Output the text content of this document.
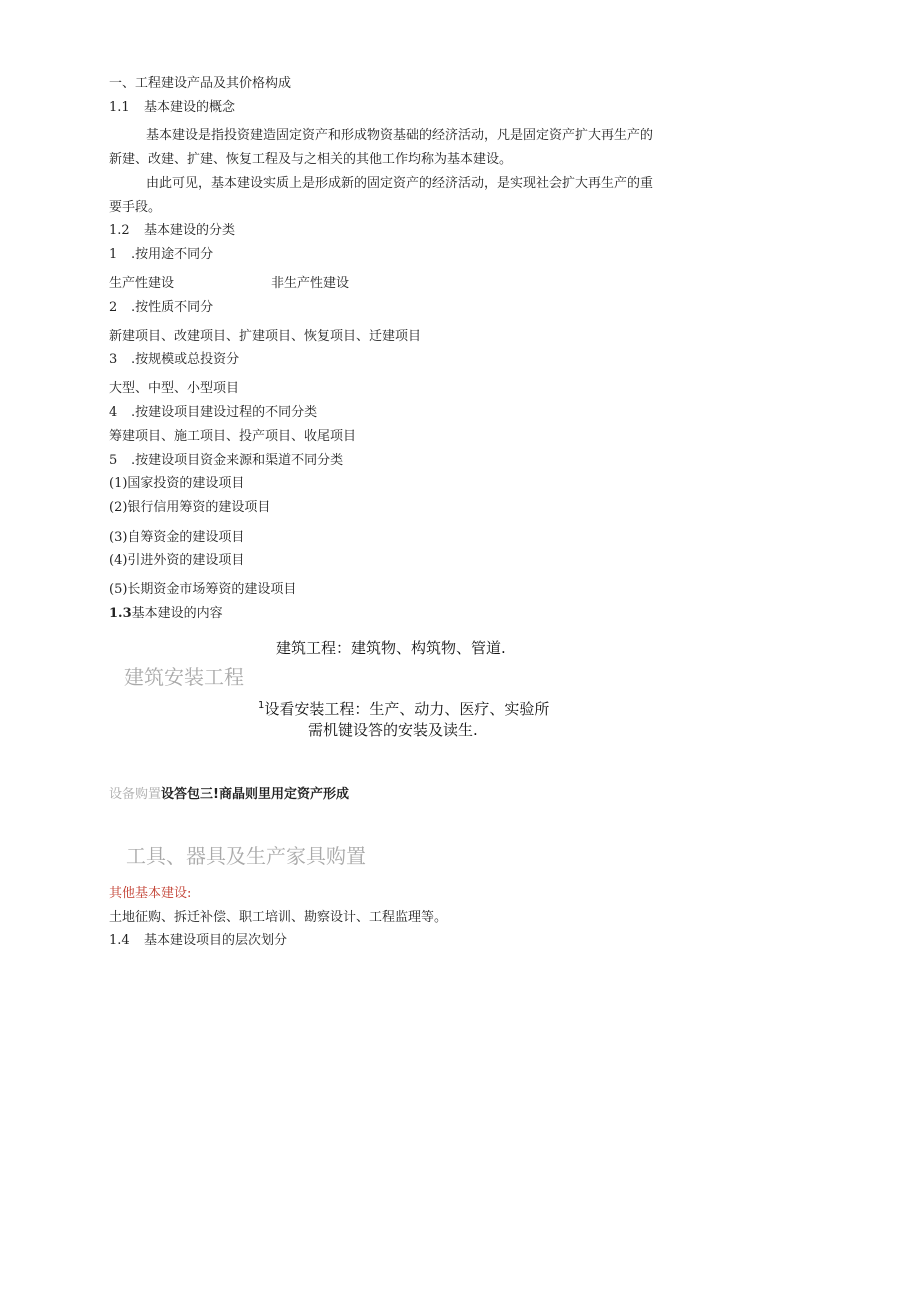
一、工程建设产品及其价格构成
1.1 基本建设的概念
基本建设是指投资建造固定资产和形成物资基础的经济活动，凡是固定资产扩大再生产的
新建、改建、扩建、恢复工程及与之相关的其他工作均称为基本建设。
由此可见，基本建设实质上是形成新的固定资产的经济活动，是实现社会扩大再生产的重
要手段。
1.2 基本建设的分类
1 .按用途不同分
生产性建设	非生产性建设
2 .按性质不同分
新建项目、改建项目、扩建项目、恢复项目、迁建项目
3 .按规模或总投资分
大型、中型、小型项目
4 .按建设项目建设过程的不同分类
筹建项目、施工项目、投产项目、收尾项目
5 .按建设项目资金来源和渠道不同分类
(1)国家投资的建设项目
(2)银行信用筹资的建设项目
(3)自筹资金的建设项目
(4)引进外资的建设项目
(5)长期资金市场筹资的建设项目
1.3基本建设的内容
建筑工程：建筑物、构筑物、管道.
建筑安装工程
$^1$设看安装工程：生产、动力、医疗、实验所
需机键设答的安装及读生.
设备购置设答包三!商晶则里用定资产形成
工具、器具及生产家具购置
其他基本建设:
土地征购、拆迁补偿、职工培训、勘察设计、工程监理等。
1.4 基本建设项目的层次划分
